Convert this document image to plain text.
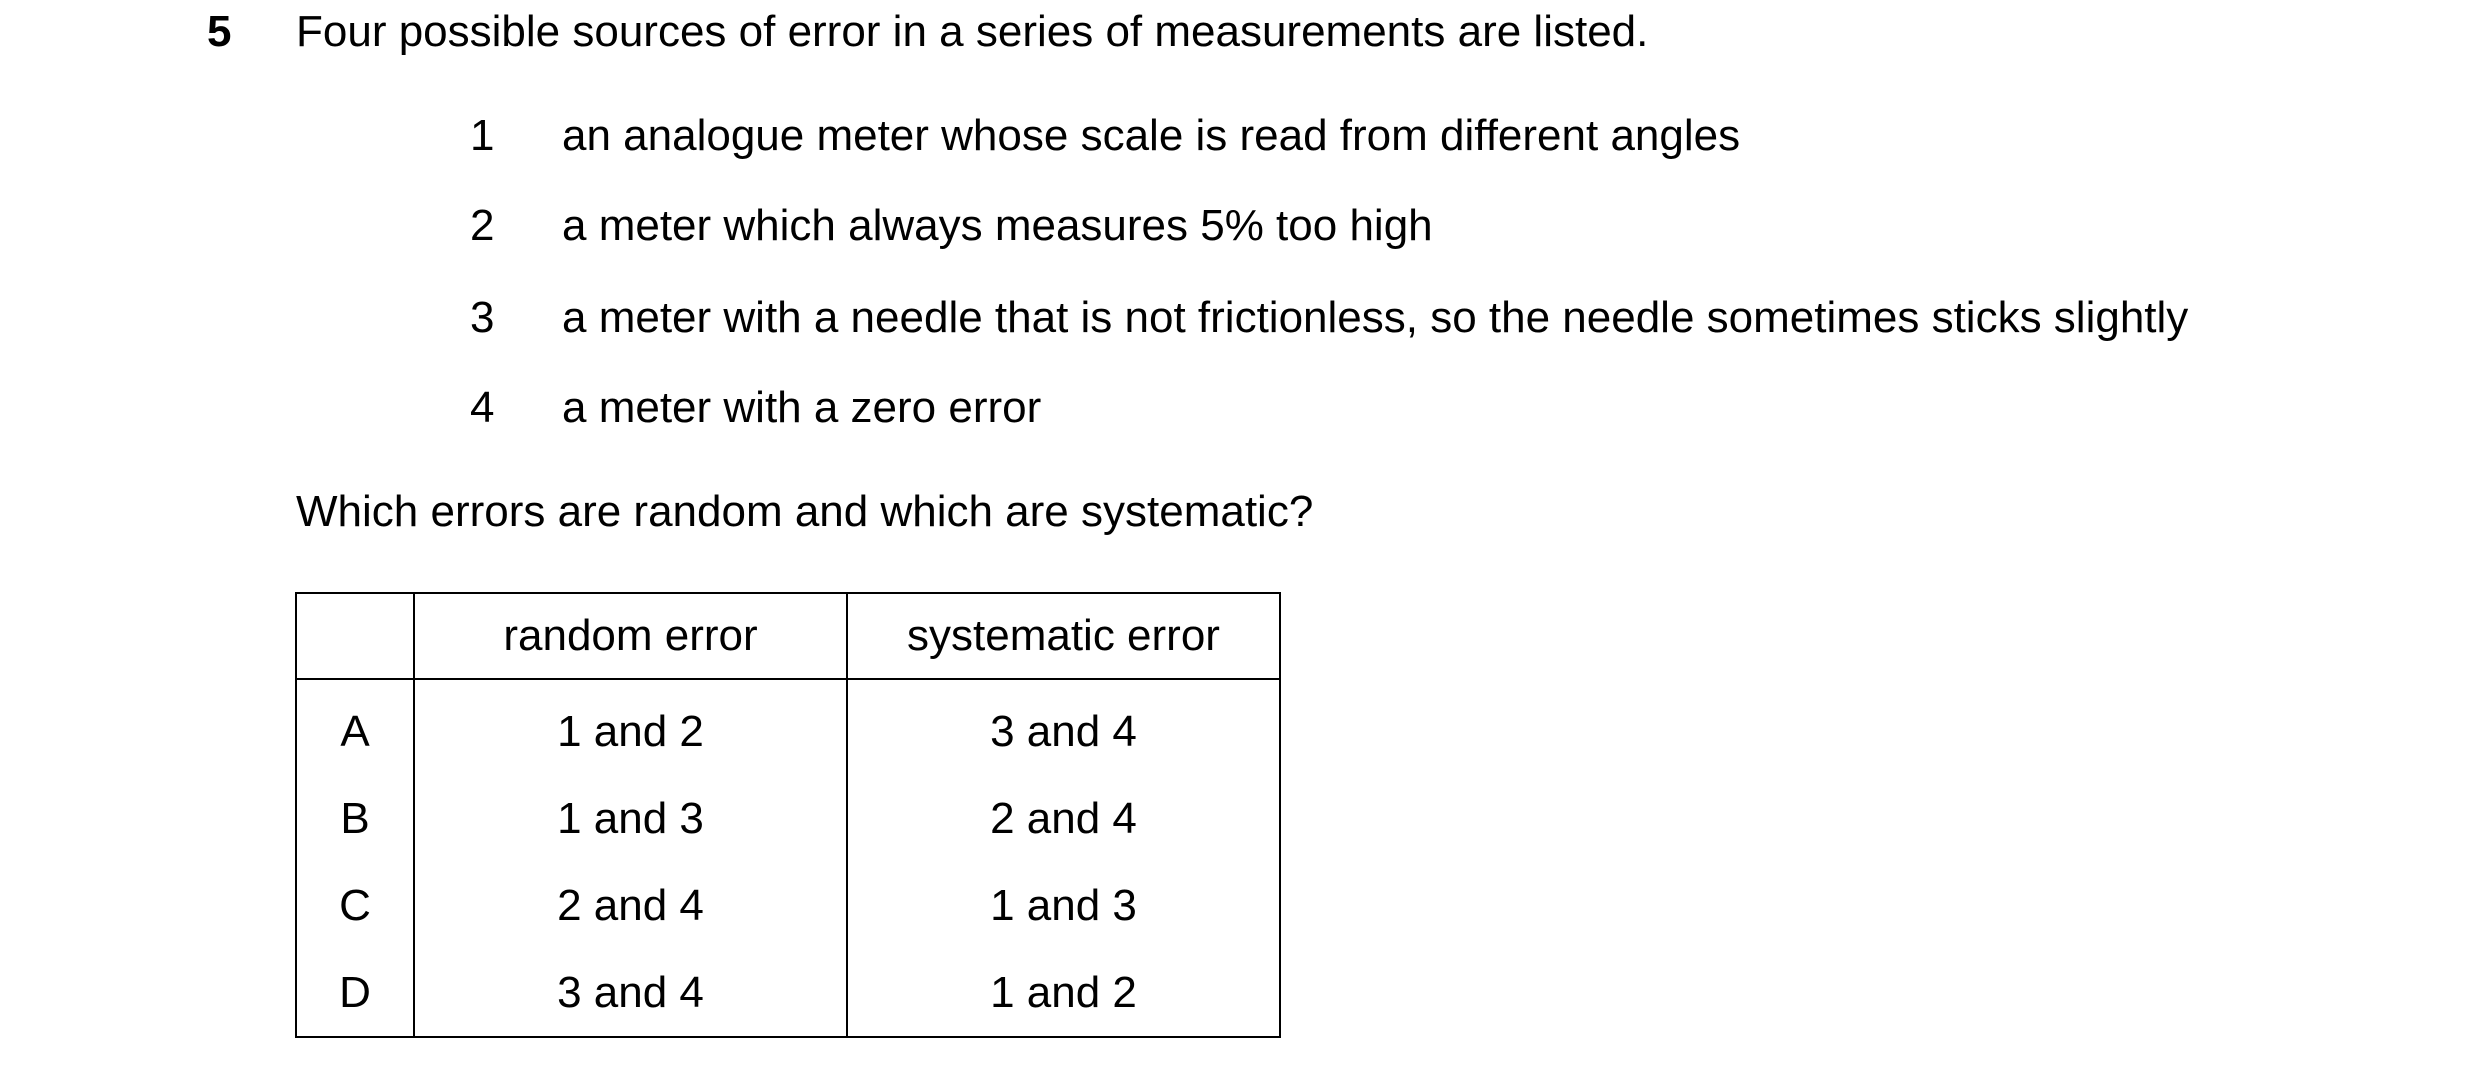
5 Four possible sources of error in a series of measurements are listed.
1 an analogue meter whose scale is read from different angles
2 a meter which always measures 5% too high
3 a meter with a needle that is not frictionless, so the needle sometimes sticks slightly
4 a meter with a zero error
Which errors are random and which are systematic?
	random error	systematic error
A	1 and 2	3 and 4
B	1 and 3	2 and 4
C	2 and 4	1 and 3
D	3 and 4	1 and 2
